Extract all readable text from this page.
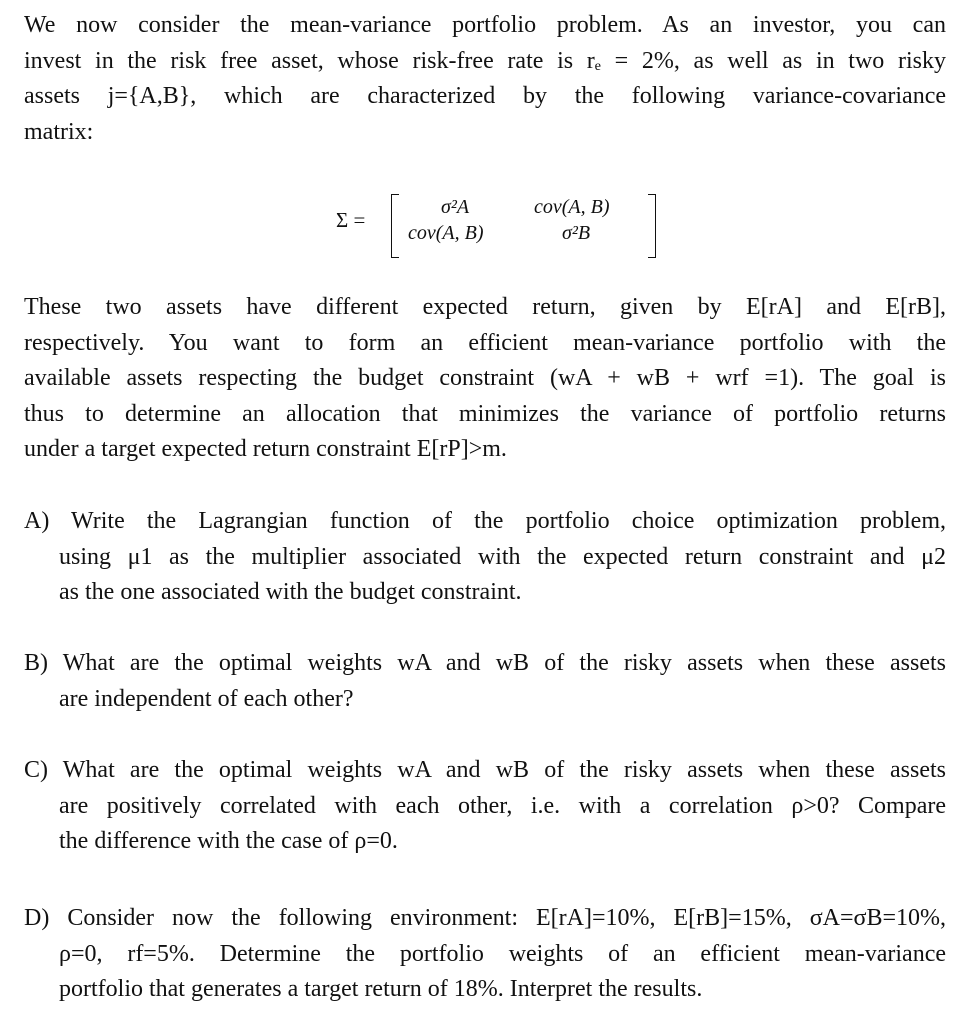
We now consider the mean-variance portfolio problem. As an investor, you can
invest in the risk free asset, whose risk-free rate is rₑ = 2%, as well as in two risky
assets j={A,B}, which are characterized by the following variance-covariance
matrix:
Σ =
σ²A	cov(A, B)
cov(A, B)	σ²B
These two assets have different expected return, given by E[rA] and E[rB],
respectively. You want to form an efficient mean-variance portfolio with the
available assets respecting the budget constraint (wA + wB + wrf =1). The goal is
thus to determine an allocation that minimizes the variance of portfolio returns
under a target expected return constraint E[rP]>m.
A) Write the Lagrangian function of the portfolio choice optimization problem,
using μ1 as the multiplier associated with the expected return constraint and μ2
as the one associated with the budget constraint.
B) What are the optimal weights wA and wB of the risky assets when these assets
are independent of each other?
C) What are the optimal weights wA and wB of the risky assets when these assets
are positively correlated with each other, i.e. with a correlation ρ>0? Compare
the difference with the case of ρ=0.
D) Consider now the following environment: E[rA]=10%, E[rB]=15%, σA=σB=10%,
ρ=0, rf=5%. Determine the portfolio weights of an efficient mean-variance
portfolio that generates a target return of 18%. Interpret the results.
